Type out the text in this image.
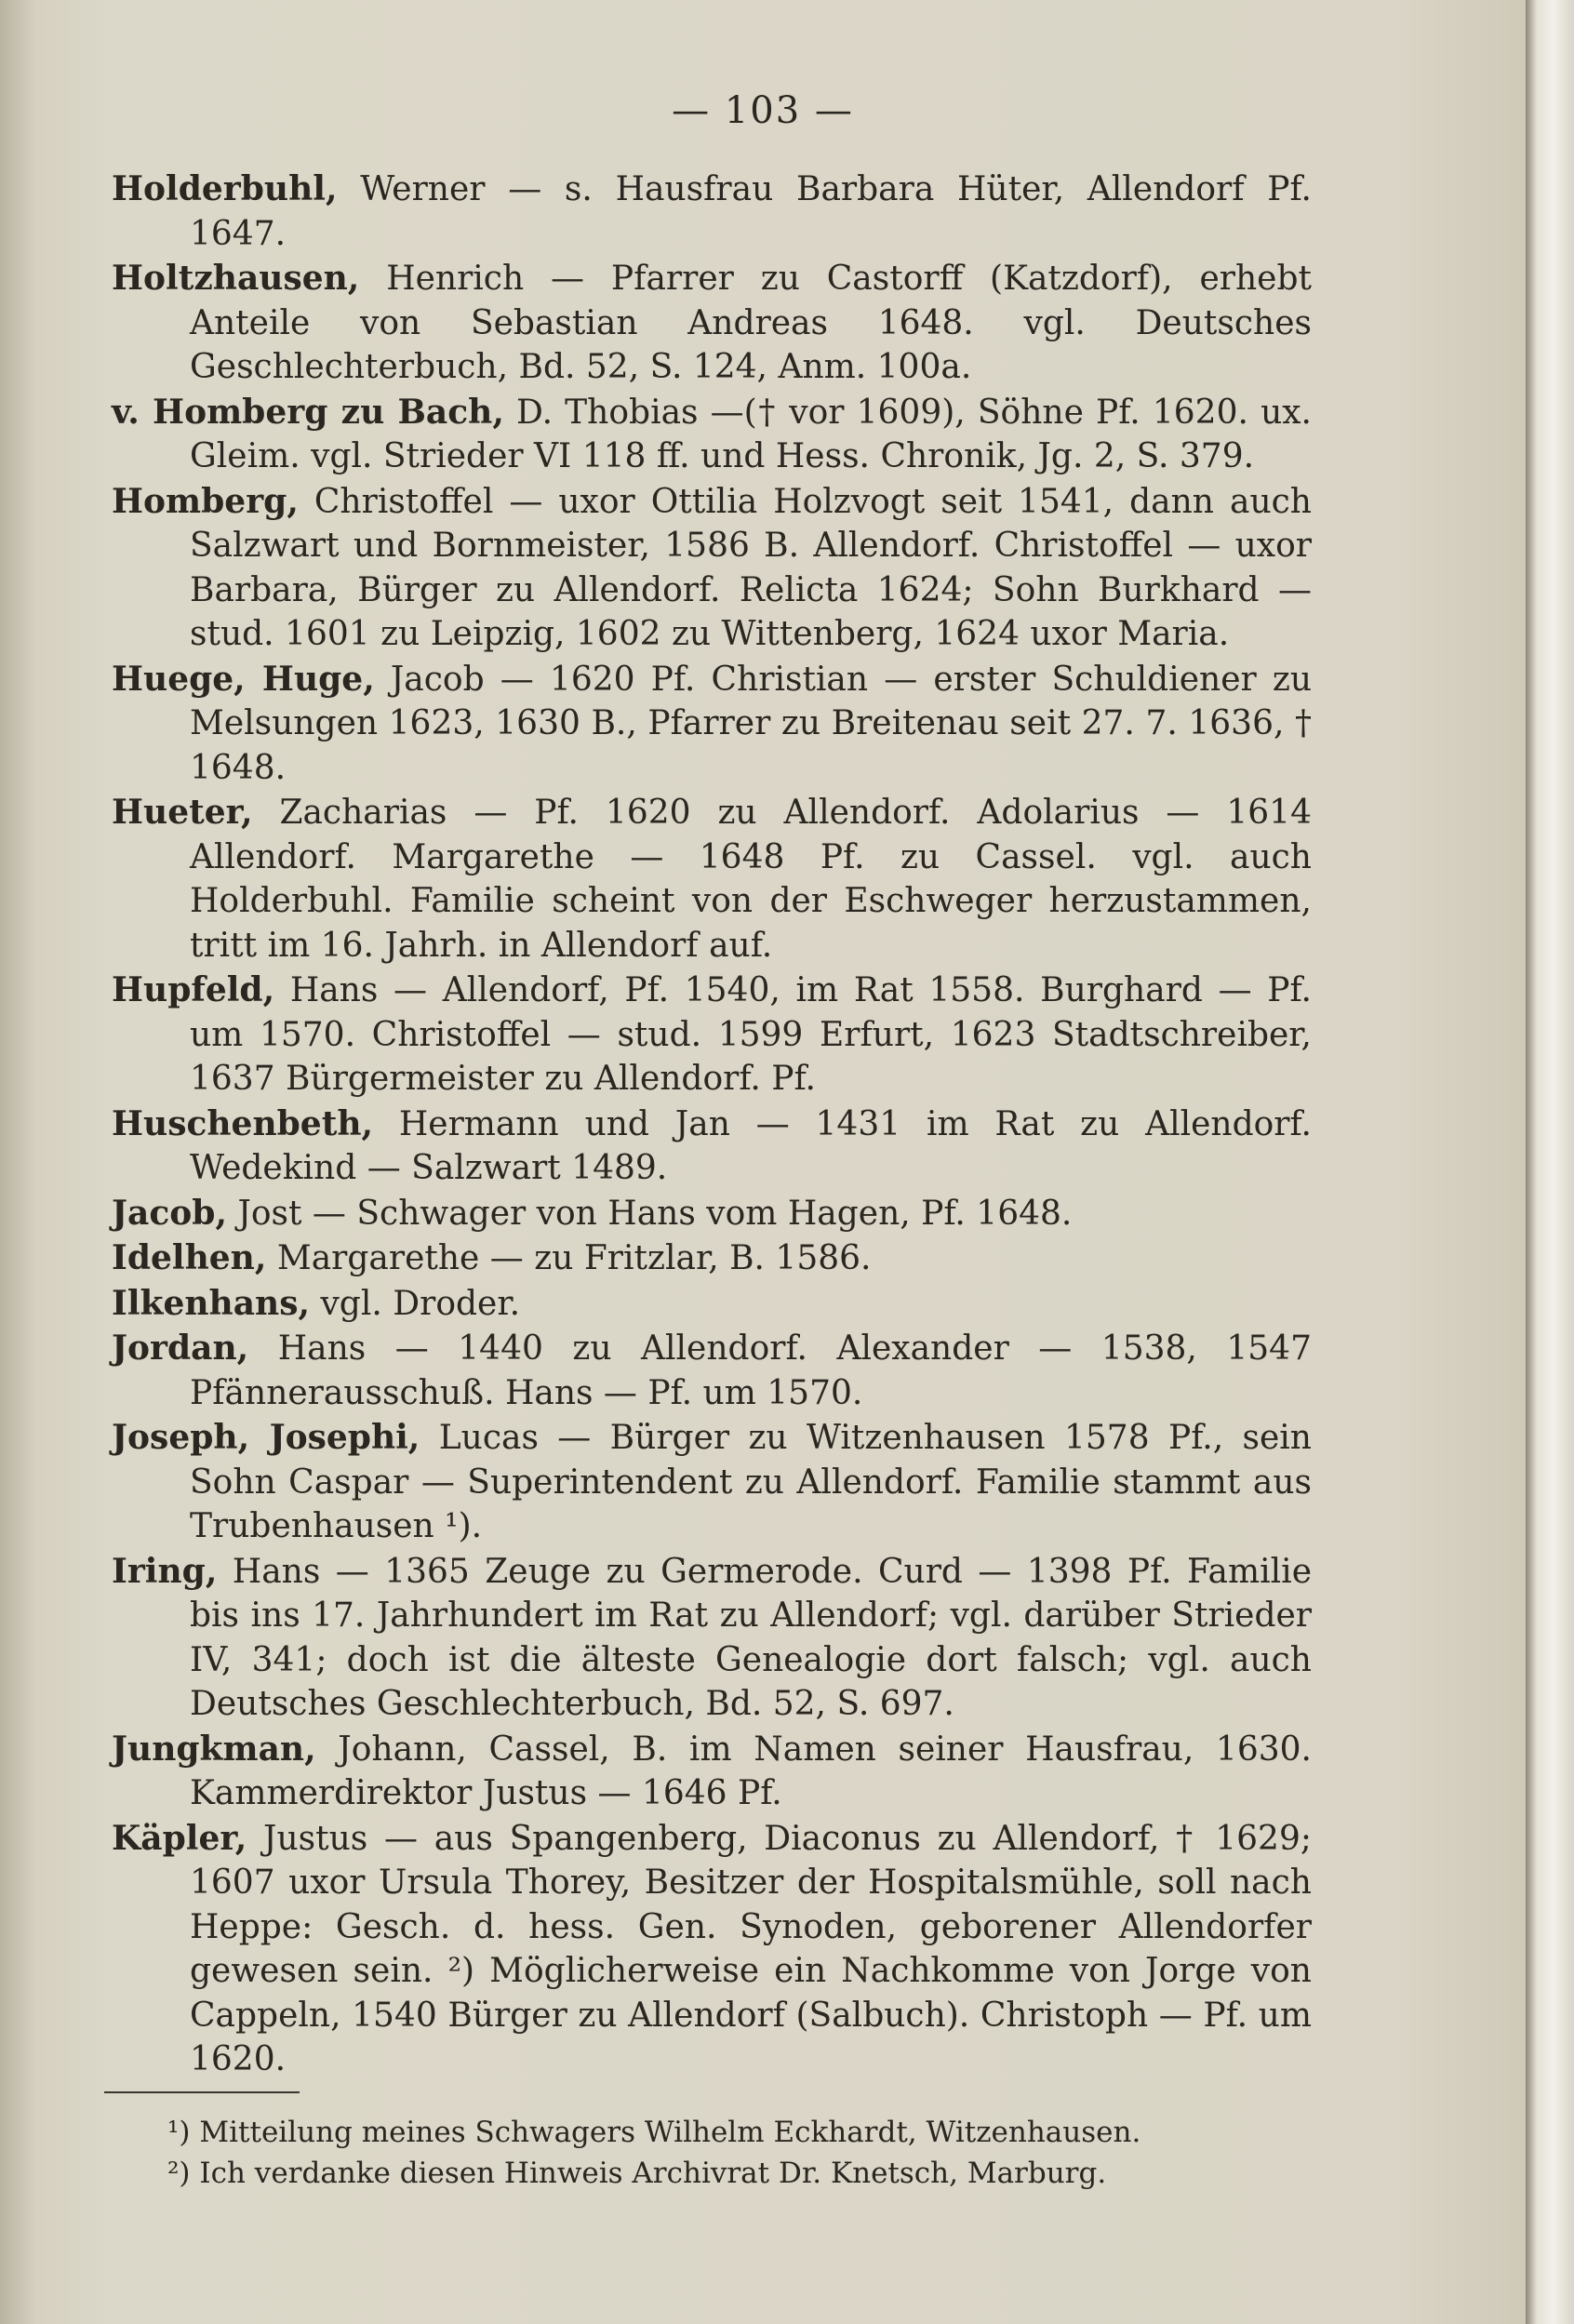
— 103 —

Holderbuhl, Werner — s. Hausfrau Barbara Hüter, Allendorf Pf. 1647.

Holtzhausen, Henrich — Pfarrer zu Castorff (Katzdorf), erhebt Anteile von Sebastian Andreas 1648. vgl. Deutsches Geschlechterbuch, Bd. 52, S. 124, Anm. 100a.

v. Homberg zu Bach, D. Thobias —(† vor 1609), Söhne Pf. 1620. ux. Gleim. vgl. Strieder VI 118 ff. und Hess. Chronik, Jg. 2, S. 379.

Homberg, Christoffel — uxor Ottilia Holzvogt seit 1541, dann auch Salzwart und Bornmeister, 1586 B. Allendorf. Christoffel — uxor Barbara, Bürger zu Allendorf. Relicta 1624; Sohn Burkhard — stud. 1601 zu Leipzig, 1602 zu Wittenberg, 1624 uxor Maria.

Huege, Huge, Jacob — 1620 Pf. Christian — erster Schuldiener zu Melsungen 1623, 1630 B., Pfarrer zu Breitenau seit 27. 7. 1636, † 1648.

Hueter, Zacharias — Pf. 1620 zu Allendorf. Adolarius — 1614 Allendorf. Margarethe — 1648 Pf. zu Cassel. vgl. auch Holderbuhl. Familie scheint von der Eschweger herzustammen, tritt im 16. Jahrh. in Allendorf auf.

Hupfeld, Hans — Allendorf, Pf. 1540, im Rat 1558. Burghard — Pf. um 1570. Christoffel — stud. 1599 Erfurt, 1623 Stadtschreiber, 1637 Bürgermeister zu Allendorf. Pf.

Huschenbeth, Hermann und Jan — 1431 im Rat zu Allendorf. Wedekind — Salzwart 1489.

Jacob, Jost — Schwager von Hans vom Hagen, Pf. 1648.

Idelhen, Margarethe — zu Fritzlar, B. 1586.

Ilkenhans, vgl. Droder.

Jordan, Hans — 1440 zu Allendorf. Alexander — 1538, 1547 Pfännerausschuß. Hans — Pf. um 1570.

Joseph, Josephi, Lucas — Bürger zu Witzenhausen 1578 Pf., sein Sohn Caspar — Superintendent zu Allendorf. Familie stammt aus Trubenhausen ¹).

Iring, Hans — 1365 Zeuge zu Germerode. Curd — 1398 Pf. Familie bis ins 17. Jahrhundert im Rat zu Allendorf; vgl. darüber Strieder IV, 341; doch ist die älteste Genealogie dort falsch; vgl. auch Deutsches Geschlechterbuch, Bd. 52, S. 697.

Jungkman, Johann, Cassel, B. im Namen seiner Hausfrau, 1630. Kammerdirektor Justus — 1646 Pf.

Käpler, Justus — aus Spangenberg, Diaconus zu Allendorf, † 1629; 1607 uxor Ursula Thorey, Besitzer der Hospitalsmühle, soll nach Heppe: Gesch. d. hess. Gen. Synoden, geborener Allendorfer gewesen sein. ²) Möglicherweise ein Nachkomme von Jorge von Cappeln, 1540 Bürger zu Allendorf (Salbuch). Christoph — Pf. um 1620.

¹) Mitteilung meines Schwagers Wilhelm Eckhardt, Witzenhausen.
²) Ich verdanke diesen Hinweis Archivrat Dr. Knetsch, Marburg.
